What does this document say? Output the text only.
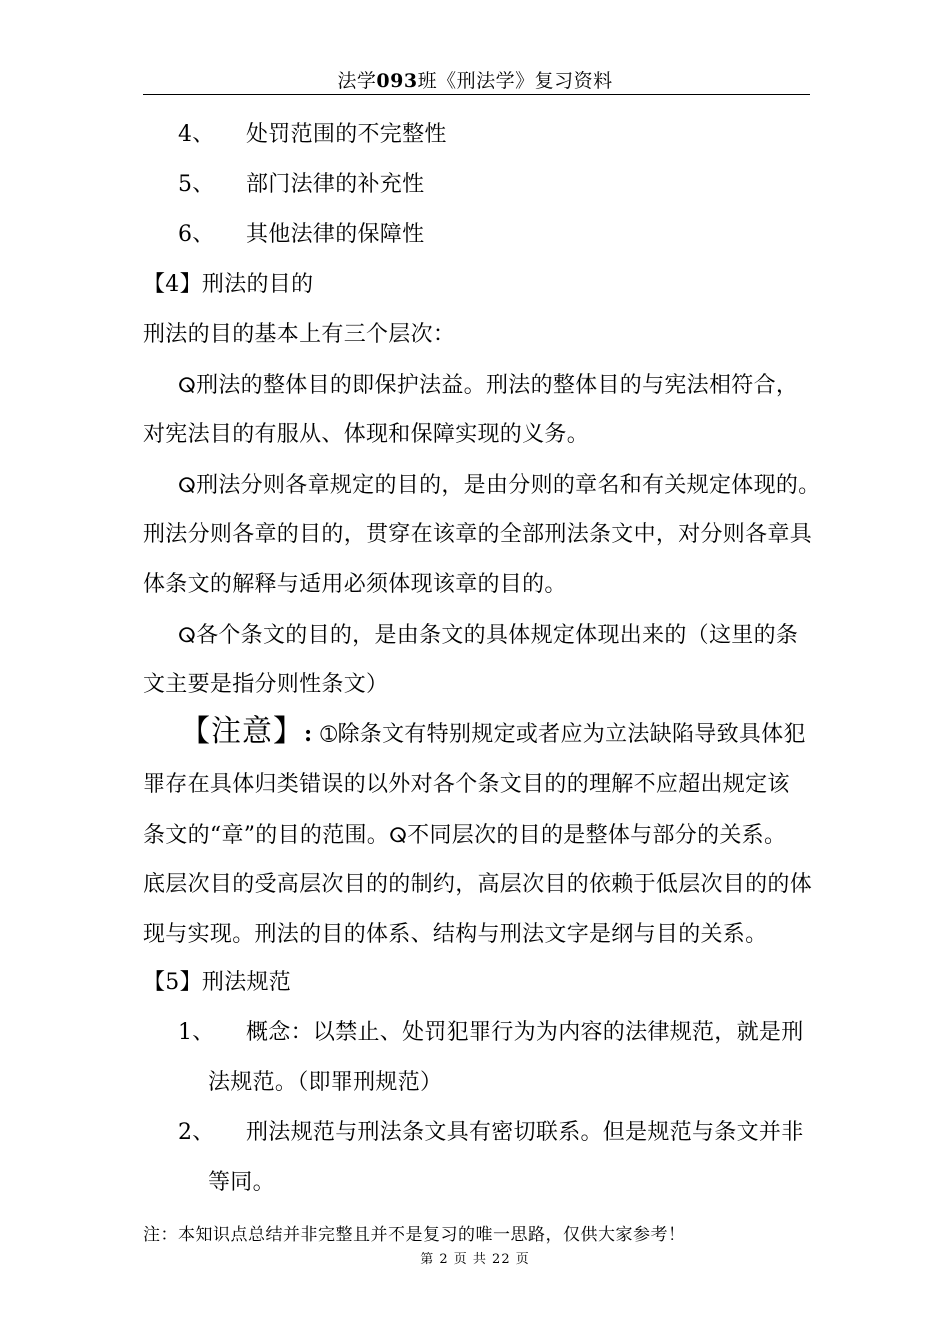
法学093班《刑法学》复习资料
4、 处罚范围的不完整性
5、 部门法律的补充性
6、 其他法律的保障性
【4】刑法的目的
刑法的目的基本上有三个层次：
ⵕ刑法的整体目的即保护法益。刑法的整体目的与宪法相符合，
对宪法目的有服从、体现和保障实现的义务。
ⵕ刑法分则各章规定的目的，是由分则的章名和有关规定体现的。
刑法分则各章的目的，贯穿在该章的全部刑法条文中，对分则各章具
体条文的解释与适用必须体现该章的目的。
ⵕ各个条文的目的，是由条文的具体规定体现出来的（这里的条
文主要是指分则性条文）
【注意】: ➀除条文有特别规定或者应为立法缺陷导致具体犯
罪存在具体归类错误的以外对各个条文目的的理解不应超出规定该
条文的“章”的目的范围。ⵕ不同层次的目的是整体与部分的关系。
底层次目的受高层次目的的制约，高层次目的依赖于低层次目的的体
现与实现。刑法的目的体系、结构与刑法文字是纲与目的关系。
【5】刑法规范
1、 概念：以禁止、处罚犯罪行为为内容的法律规范，就是刑
法规范。（即罪刑规范）
2、 刑法规范与刑法条文具有密切联系。但是规范与条文并非
等同。
注：本知识点总结并非完整且并不是复习的唯一思路，仅供大家参考！
第 2 页 共 22 页
